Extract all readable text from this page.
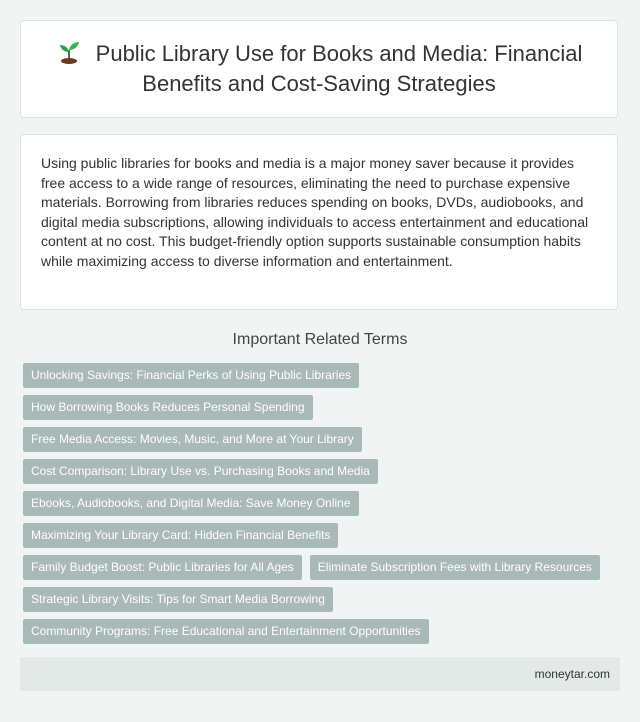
Public Library Use for Books and Media: Financial Benefits and Cost-Saving Strategies

Using public libraries for books and media is a major money saver because it provides free access to a wide range of resources, eliminating the need to purchase expensive materials. Borrowing from libraries reduces spending on books, DVDs, audiobooks, and digital media subscriptions, allowing individuals to access entertainment and educational content at no cost. This budget-friendly option supports sustainable consumption habits while maximizing access to diverse information and entertainment.

Important Related Terms
Unlocking Savings: Financial Perks of Using Public Libraries
How Borrowing Books Reduces Personal Spending
Free Media Access: Movies, Music, and More at Your Library
Cost Comparison: Library Use vs. Purchasing Books and Media
Ebooks, Audiobooks, and Digital Media: Save Money Online
Maximizing Your Library Card: Hidden Financial Benefits
Family Budget Boost: Public Libraries for All Ages	Eliminate Subscription Fees with Library Resources
Strategic Library Visits: Tips for Smart Media Borrowing
Community Programs: Free Educational and Entertainment Opportunities
moneytar.com
